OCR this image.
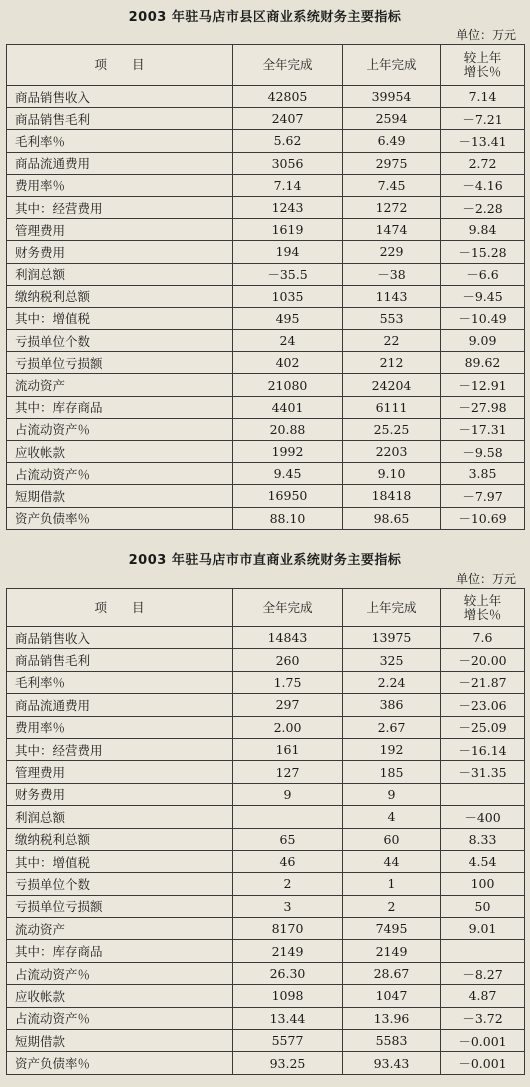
2003 年驻马店市县区商业系统财务主要指标
单位：万元
项　　目	全年完成	上年完成	较上年
增长％
商品销售收入	42805	39954	7.14
商品销售毛利	2407	2594	－7.21
毛利率％	5.62	6.49	－13.41
商品流通费用	3056	2975	2.72
费用率％	7.14	7.45	－4.16
其中：经营费用	1243	1272	－2.28
管理费用	1619	1474	9.84
财务费用	194	229	－15.28
利润总额	－35.5	－38	－6.6
缴纳税利总额	1035	1143	－9.45
其中：增值税	495	553	－10.49
亏损单位个数	24	22	9.09
亏损单位亏损额	402	212	89.62
流动资产	21080	24204	－12.91
其中：库存商品	4401	6111	－27.98
占流动资产％	20.88	25.25	－17.31
应收帐款	1992	2203	－9.58
占流动资产％	9.45	9.10	3.85
短期借款	16950	18418	－7.97
资产负债率％	88.10	98.65	－10.69
2003 年驻马店市市直商业系统财务主要指标
单位：万元
项　　目	全年完成	上年完成	较上年
增长％
商品销售收入	14843	13975	7.6
商品销售毛利	260	325	－20.00
毛利率％	1.75	2.24	－21.87
商品流通费用	297	386	－23.06
费用率％	2.00	2.67	－25.09
其中：经营费用	161	192	－16.14
管理费用	127	185	－31.35
财务费用	9	9	
利润总额		4	－400
缴纳税利总额	65	60	8.33
其中：增值税	46	44	4.54
亏损单位个数	2	1	100
亏损单位亏损额	3	2	50
流动资产	8170	7495	9.01
其中：库存商品	2149	2149	
占流动资产％	26.30	28.67	－8.27
应收帐款	1098	1047	4.87
占流动资产％	13.44	13.96	－3.72
短期借款	5577	5583	－0.001
资产负债率％	93.25	93.43	－0.001
